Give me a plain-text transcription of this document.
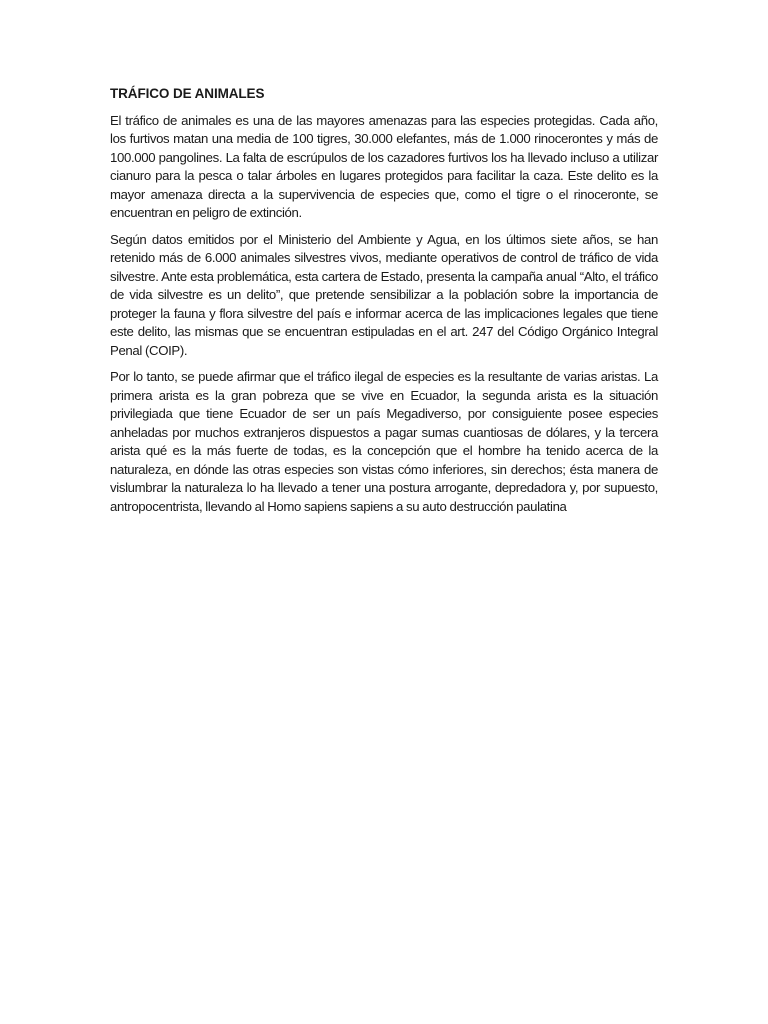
TRÁFICO DE ANIMALES

El tráfico de animales es una de las mayores amenazas para las especies protegidas. Cada año, los furtivos matan una media de 100 tigres, 30.000 elefantes, más de 1.000 rinocerontes y más de 100.000 pangolines. La falta de escrúpulos de los cazadores furtivos los ha llevado incluso a utilizar cianuro para la pesca o talar árboles en lugares protegidos para facilitar la caza. Este delito es la mayor amenaza directa a la supervivencia de especies que, como el tigre o el rinoceronte, se encuentran en peligro de extinción.

Según datos emitidos por el Ministerio del Ambiente y Agua, en los últimos siete años, se han retenido más de 6.000 animales silvestres vivos, mediante operativos de control de tráfico de vida silvestre. Ante esta problemática, esta cartera de Estado, presenta la campaña anual “Alto, el tráfico de vida silvestre es un delito”, que pretende sensibilizar a la población sobre la importancia de proteger la fauna y flora silvestre del país e informar acerca de las implicaciones legales que tiene este delito, las mismas que se encuentran estipuladas en el art. 247 del Código Orgánico Integral Penal (COIP).

Por lo tanto, se puede afirmar que el tráfico ilegal de especies es la resultante de varias aristas. La primera arista es la gran pobreza que se vive en Ecuador, la segunda arista es la situación privilegiada que tiene Ecuador de ser un país Megadiverso, por consiguiente posee especies anheladas por muchos extranjeros dispuestos a pagar sumas cuantiosas de dólares, y la tercera arista qué es la más fuerte de todas, es la concepción que el hombre ha tenido acerca de la naturaleza, en dónde las otras especies son vistas cómo inferiores, sin derechos; ésta manera de vislumbrar la naturaleza lo ha llevado a tener una postura arrogante, depredadora y, por supuesto, antropocentrista, llevando al Homo sapiens sapiens a su auto destrucción paulatina
